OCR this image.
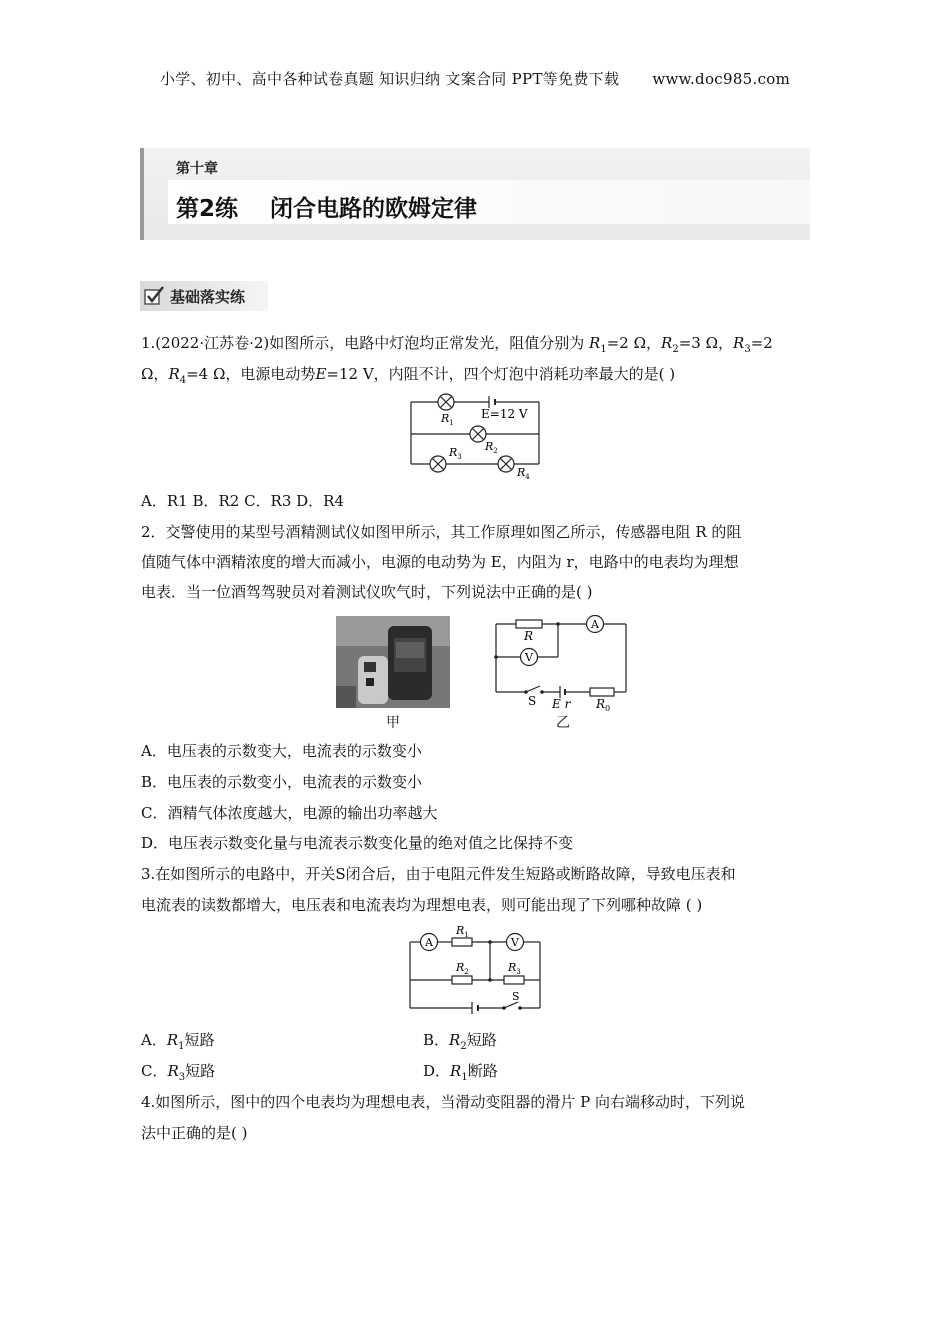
小学、初中、高中各种试卷真题 知识归纳 文案合同 PPT等免费下载 www.doc985.com
第十章
第2练    闭合电路的欧姆定律
基础落实练
1.(2022·江苏卷·2)如图所示，电路中灯泡均正常发光，阻值分别为 $R_1=2$ Ω，$R_2=3$ Ω，$R_3=2$
Ω，$R_4=4$ Ω，电源电动势E=12 V，内阻不计，四个灯泡中消耗功率最大的是( )
E=12 V
$R_1$
$R_2$
$R_3$
$R_4$
A．R1 B．R2 C．R3 D．R4
2．交警使用的某型号酒精测试仪如图甲所示，其工作原理如图乙所示，传感器电阻 R 的阻
值随气体中酒精浓度的增大而减小，电源的电动势为 E，内阻为 r，电路中的电表均为理想
电表．当一位酒驾驾驶员对着测试仪吹气时，下列说法中正确的是( )
甲
A
V
R
S E r $R_0$
乙
A．电压表的示数变大，电流表的示数变小
B．电压表的示数变小，电流表的示数变小
C．酒精气体浓度越大，电源的输出功率越大
D．电压表示数变化量与电流表示数变化量的绝对值之比保持不变
3.在如图所示的电路中，开关S闭合后，由于电阻元件发生短路或断路故障，导致电压表和
电流表的读数都增大，电压表和电流表均为理想电表，则可能出现了下列哪种故障 ( )
A	V
$R_1$
$R_2$	$R_3$
S
A．$R_1$短路	B．$R_2$短路
C．$R_3$短路	D．$R_1$断路
4.如图所示，图中的四个电表均为理想电表，当滑动变阻器的滑片 P 向右端移动时，下列说
法中正确的是( )
